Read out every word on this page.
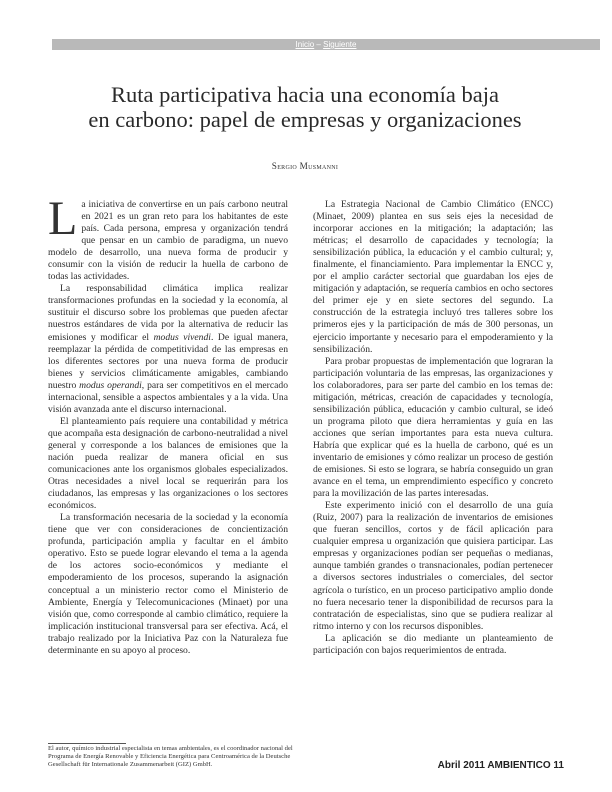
Inicio – Siguiente
Ruta participativa hacia una economía baja
en carbono: papel de empresas y organizaciones
Sergio Musmanni

La iniciativa de convertirse en un país carbono neutral en 2021 es un gran reto para los habitantes de este país. Cada persona, empresa y organización tendrá que pensar en un cambio de paradigma, un nuevo modelo de desarrollo, una nueva forma de producir y consumir con la visión de reducir la huella de carbono de todas las actividades.

La responsabilidad climática implica realizar transformaciones profundas en la sociedad y la economía, al sustituir el discurso sobre los problemas que pueden afectar nuestros estándares de vida por la alternativa de reducir las emisiones y modificar el modus vivendi. De igual manera, reemplazar la pérdida de competitividad de las empresas en los diferentes sectores por una nueva forma de producir bienes y servicios climáticamente amigables, cambiando nuestro modus operandi, para ser competitivos en el mercado internacional, sensible a aspectos ambientales y a la vida. Una visión avanzada ante el discurso internacional.

El planteamiento país requiere una contabilidad y métrica que acompaña esta designación de carbono-neutralidad a nivel general y corresponde a los balances de emisiones que la nación pueda realizar de manera oficial en sus comunicaciones ante los organismos globales especializados. Otras necesidades a nivel local se requerirán para los ciudadanos, las empresas y las organizaciones o los sectores económicos.

La transformación necesaria de la sociedad y la economía tiene que ver con consideraciones de concientización profunda, participación amplia y facultar en el ámbito operativo. Esto se puede lograr elevando el tema a la agenda de los actores socio-económicos y mediante el empoderamiento de los procesos, superando la asignación conceptual a un ministerio rector como el Ministerio de Ambiente, Energía y Telecomunicaciones (Minaet) por una visión que, como corresponde al cambio climático, requiere la implicación institucional transversal para ser efectiva. Acá, el trabajo realizado por la Iniciativa Paz con la Naturaleza fue determinante en su apoyo al proceso.

La Estrategia Nacional de Cambio Climático (ENCC) (Minaet, 2009) plantea en sus seis ejes la necesidad de incorporar acciones en la mitigación; la adaptación; las métricas; el desarrollo de capacidades y tecnología; la sensibilización pública, la educación y el cambio cultural; y, finalmente, el financiamiento. Para implementar la ENCC y, por el amplio carácter sectorial que guardaban los ejes de mitigación y adaptación, se requería cambios en ocho sectores del primer eje y en siete sectores del segundo. La construcción de la estrategia incluyó tres talleres sobre los primeros ejes y la participación de más de 300 personas, un ejercicio importante y necesario para el empoderamiento y la sensibilización.

Para probar propuestas de implementación que lograran la participación voluntaria de las empresas, las organizaciones y los colaboradores, para ser parte del cambio en los temas de: mitigación, métricas, creación de capacidades y tecnología, sensibilización pública, educación y cambio cultural, se ideó un programa piloto que diera herramientas y guía en las acciones que serían importantes para esta nueva cultura. Habría que explicar qué es la huella de carbono, qué es un inventario de emisiones y cómo realizar un proceso de gestión de emisiones. Si esto se lograra, se habría conseguido un gran avance en el tema, un emprendimiento específico y concreto para la movilización de las partes interesadas.

Este experimento inició con el desarrollo de una guía (Ruiz, 2007) para la realización de inventarios de emisiones que fueran sencillos, cortos y de fácil aplicación para cualquier empresa u organización que quisiera participar. Las empresas y organizaciones podían ser pequeñas o medianas, aunque también grandes o transnacionales, podían pertenecer a diversos sectores industriales o comerciales, del sector agrícola o turístico, en un proceso participativo amplio donde no fuera necesario tener la disponibilidad de recursos para la contratación de especialistas, sino que se pudiera realizar al ritmo interno y con los recursos disponibles.

La aplicación se dio mediante un planteamiento de participación con bajos requerimientos de entrada.

El autor, químico industrial especialista en temas ambientales, es el coordinador nacional del Programa de Energía Renovable y Eficiencia Energética para Centroamérica de la Deutsche Gesellschaft für Internationale Zusammenarbeit (GIZ) GmbH.	Abril 2011 AMBIENTICO 11
